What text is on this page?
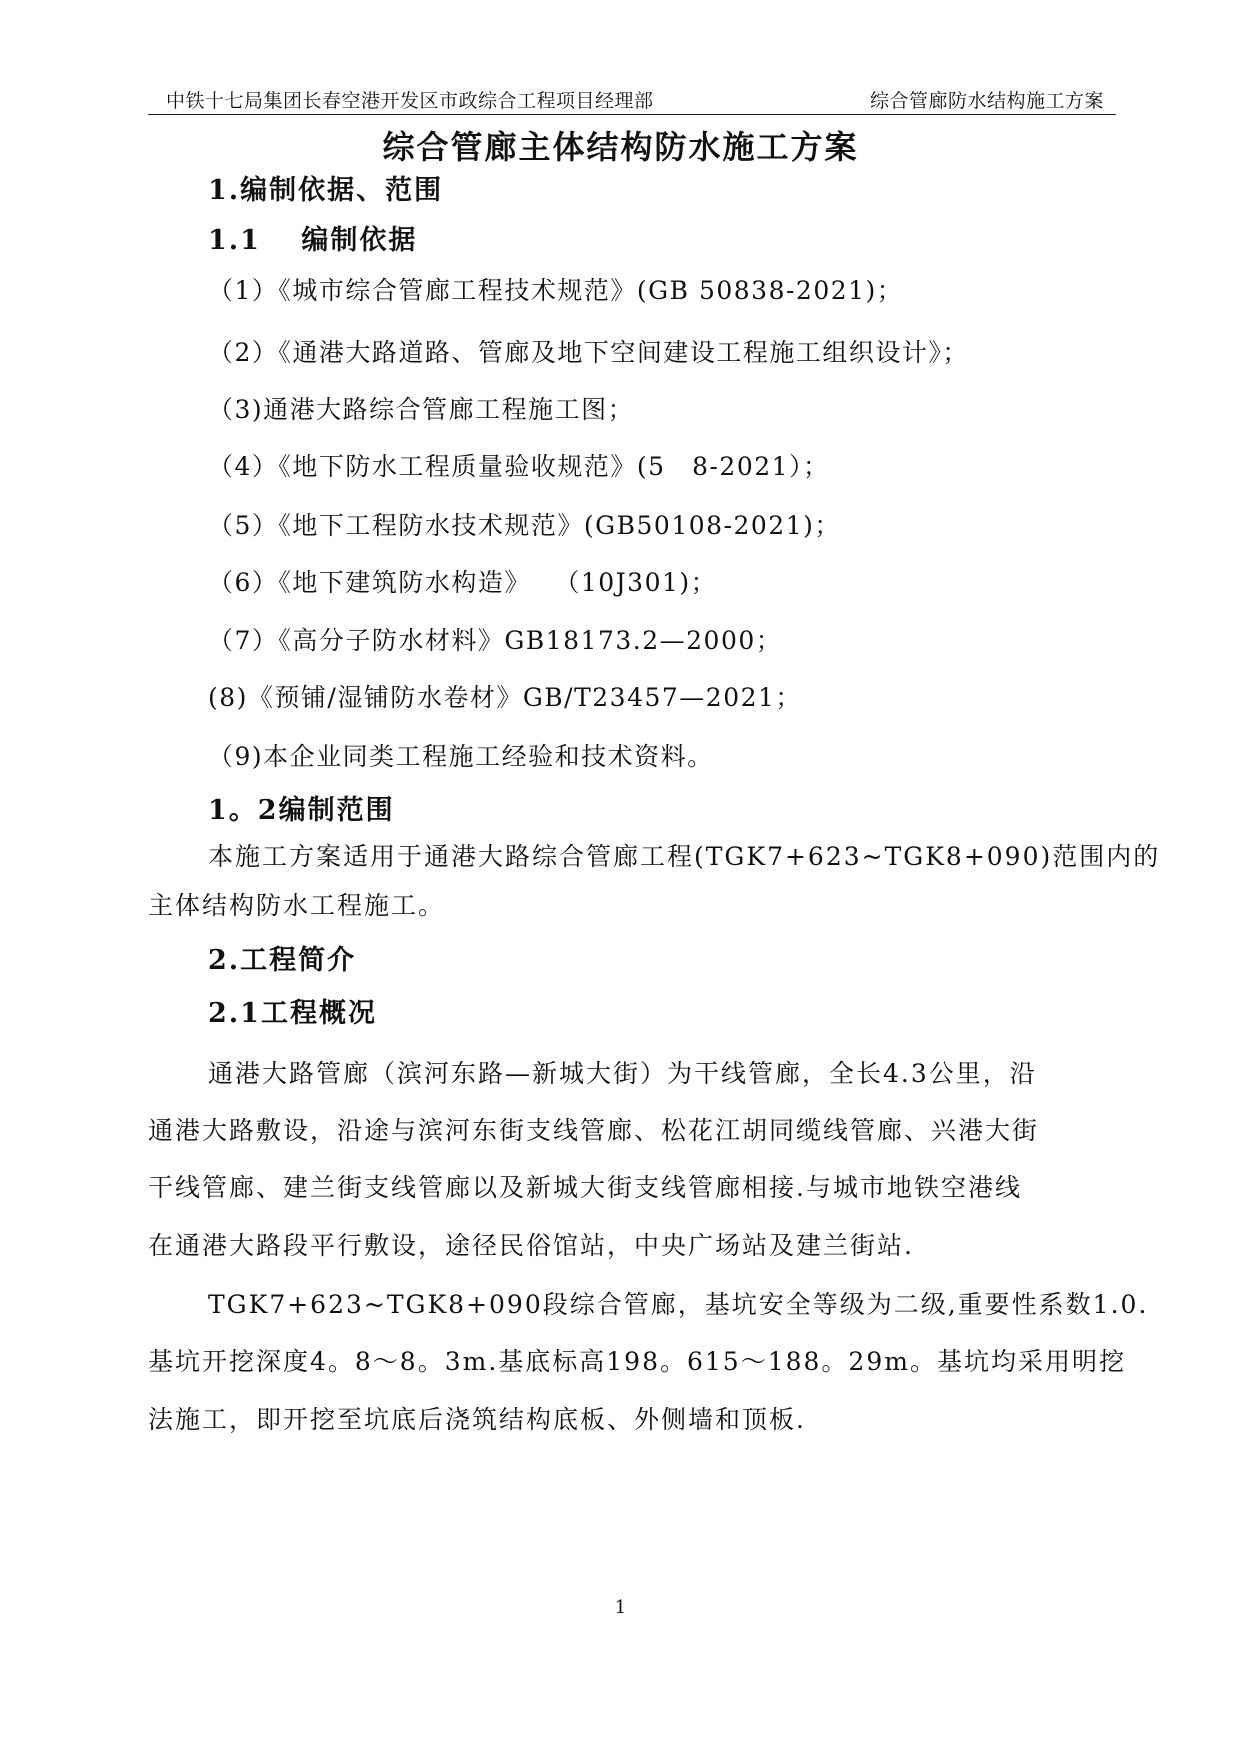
中铁十七局集团长春空港开发区市政综合工程项目经理部	综合管廊防水结构施工方案
综合管廊主体结构防水施工方案
1.编制依据、范围
1.1　 编制依据
（1）《城市综合管廊工程技术规范》(GB 50838-2021)；
（2）《通港大路道路、管廊及地下空间建设工程施工组织设计》；
（3)通港大路综合管廊工程施工图；
（4）《地下防水工程质量验收规范》(5　8-2021）；
（5）《地下工程防水技术规范》(GB50108-2021)；
（6）《地下建筑防水构造》　 （10J301)；
（7）《高分子防水材料》GB18173.2—2000；
(8)《预铺/湿铺防水卷材》GB/T23457—2021；
（9)本企业同类工程施工经验和技术资料。
1。2编制范围
本施工方案适用于通港大路综合管廊工程(TGK7+623~TGK8+090)范围内的
主体结构防水工程施工。
2.工程简介
2.1工程概况
通港大路管廊（滨河东路—新城大街）为干线管廊，全长4.3公里，沿
通港大路敷设，沿途与滨河东街支线管廊、松花江胡同缆线管廊、兴港大街
干线管廊、建兰街支线管廊以及新城大街支线管廊相接.与城市地铁空港线
在通港大路段平行敷设，途径民俗馆站，中央广场站及建兰街站.
TGK7+623~TGK8+090段综合管廊，基坑安全等级为二级,重要性系数1.0.
基坑开挖深度4。8～8。3m.基底标高198。615～188。29m。基坑均采用明挖
法施工，即开挖至坑底后浇筑结构底板、外侧墙和顶板.
1
